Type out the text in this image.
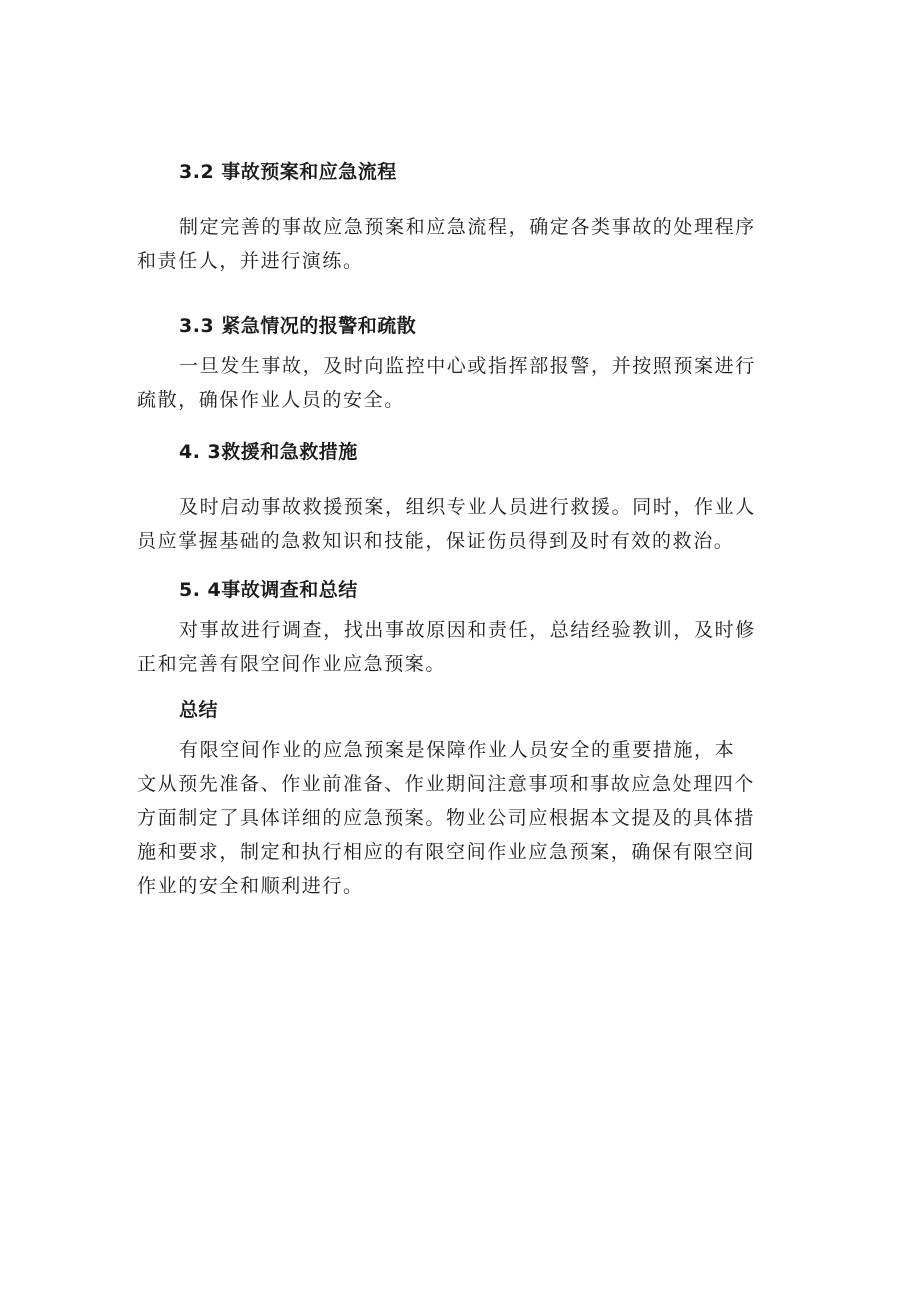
3.2 事故预案和应急流程
制定完善的事故应急预案和应急流程，确定各类事故的处理程序
和责任人，并进行演练。
3.3 紧急情况的报警和疏散
一旦发生事故，及时向监控中心或指挥部报警，并按照预案进行
疏散，确保作业人员的安全。
4. 3救援和急救措施
及时启动事故救援预案，组织专业人员进行救援。同时，作业人
员应掌握基础的急救知识和技能，保证伤员得到及时有效的救治。
5. 4事故调查和总结
对事故进行调查，找出事故原因和责任，总结经验教训，及时修
正和完善有限空间作业应急预案。
总结
有限空间作业的应急预案是保障作业人员安全的重要措施，本
文从预先准备、作业前准备、作业期间注意事项和事故应急处理四个
方面制定了具体详细的应急预案。物业公司应根据本文提及的具体措
施和要求，制定和执行相应的有限空间作业应急预案，确保有限空间
作业的安全和顺利进行。
